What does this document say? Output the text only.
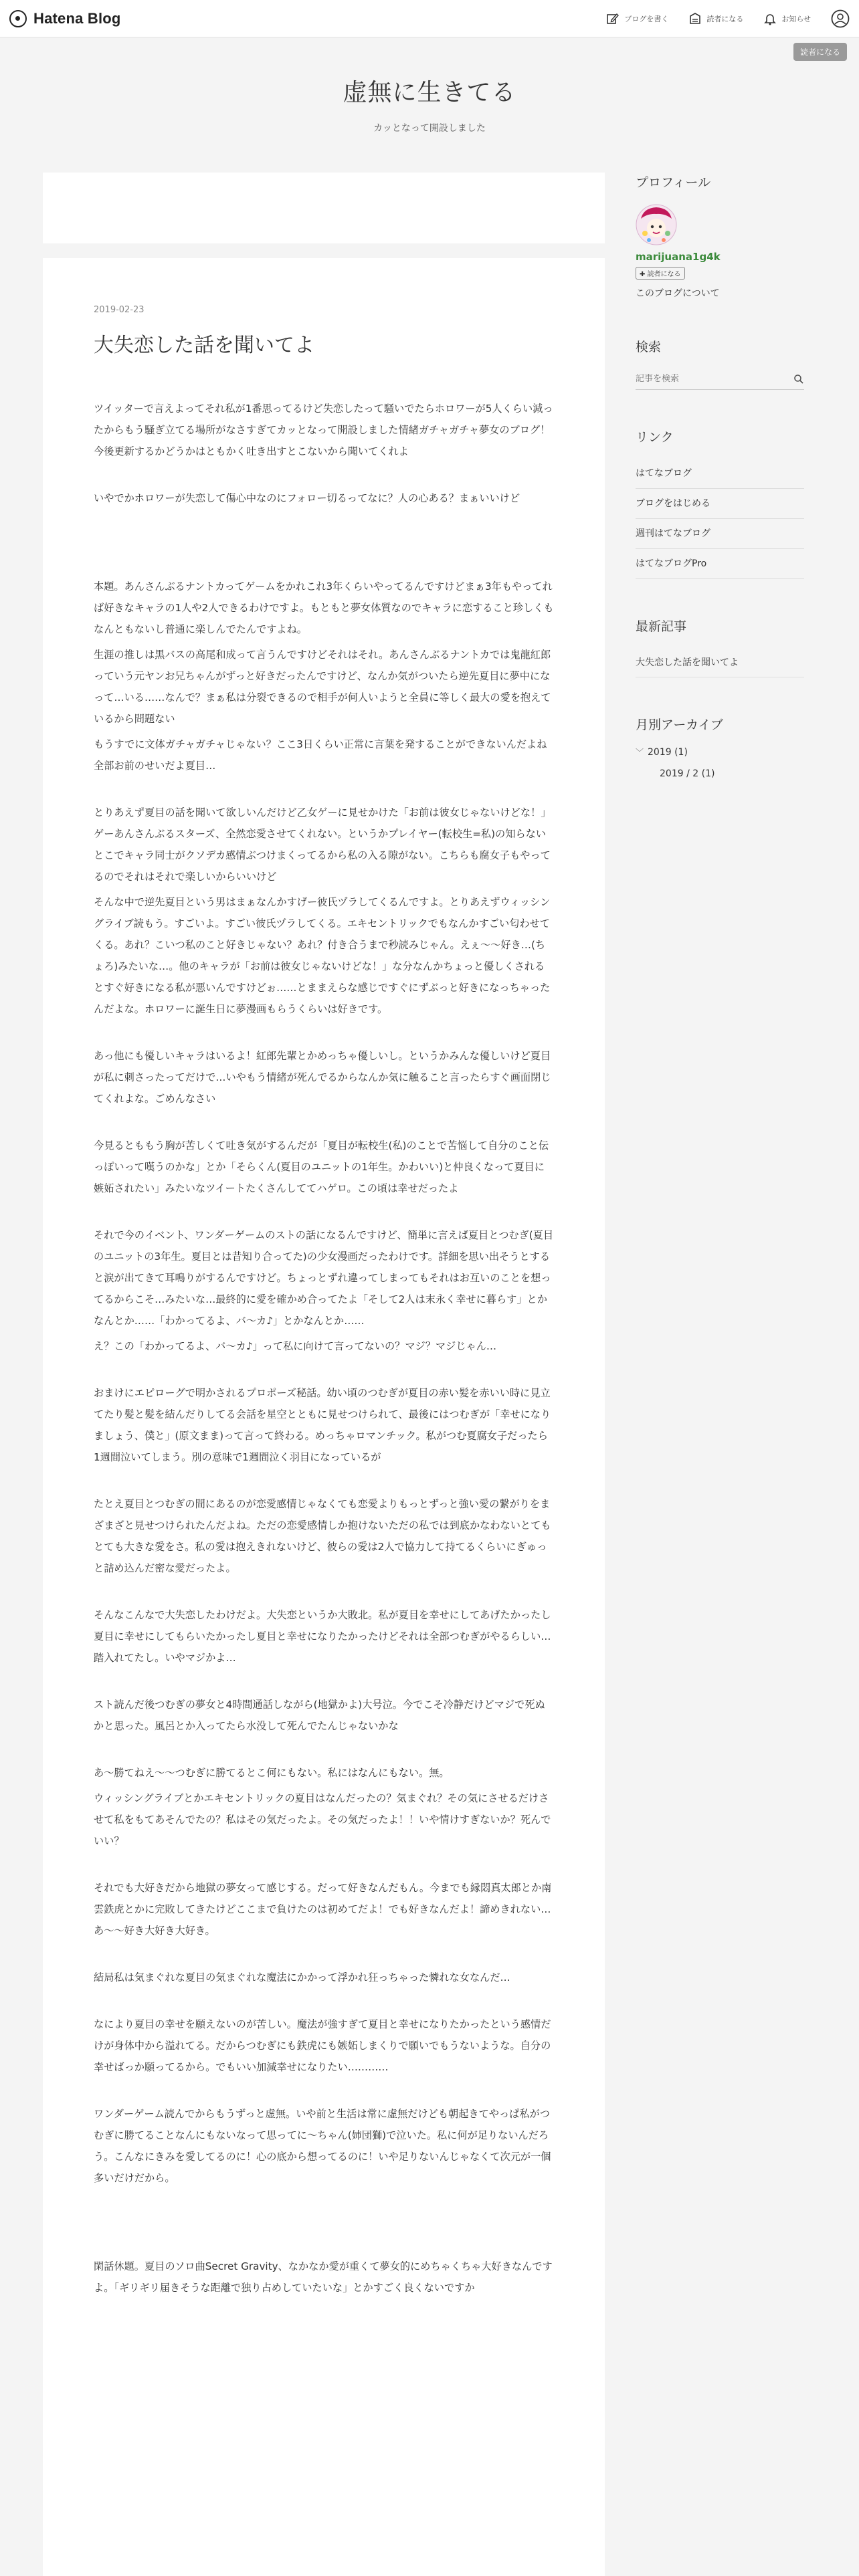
Hatena Blog	ブログを書く	読者になる	お知らせ
読者になる
虚無に生きてる
カッとなって開設しました
2019-02-23
大失恋した話を聞いてよ

ツイッターで言えよってそれ私が1番思ってるけど失恋したって騒いでたらホロワーが5人くらい減ったからもう騒ぎ立てる場所がなさすぎてカッとなって開設しました情緒ガチャガチャ夢女のブログ！今後更新するかどうかはともかく吐き出すとこないから聞いてくれよ

いやでかホロワーが失恋して傷心中なのにフォロー切るってなに？人の心ある？まぁいいけど

本題。あんさんぶるナントカってゲームをかれこれ3年くらいやってるんですけどまぁ3年もやってれば好きなキャラの1人や2人できるわけですよ。もともと夢女体質なのでキャラに恋すること珍しくもなんともないし普通に楽しんでたんですよね。

生涯の推しは黒バスの高尾和成って言うんですけどそれはそれ。あんさんぶるナントカでは鬼龍紅郎っていう元ヤンお兄ちゃんがずっと好きだったんですけど、なんか気がついたら逆先夏目に夢中になって…いる……なんで？まぁ私は分裂できるので相手が何人いようと全員に等しく最大の愛を抱えているから問題ない

もうすでに文体ガチャガチャじゃない？ここ3日くらい正常に言葉を発することができないんだよね全部お前のせいだよ夏目…

とりあえず夏目の話を聞いて欲しいんだけど乙女ゲーに見せかけた「お前は彼女じゃないけどな！」ゲーあんさんぶるスターズ、全然恋愛させてくれない。というかプレイヤー(転校生=私)の知らないとこでキャラ同士がクソデカ感情ぶつけまくってるから私の入る隙がない。こちらも腐女子もやってるのでそれはそれで楽しいからいいけど

そんな中で逆先夏目という男はまぁなんかすげー彼氏ヅラしてくるんですよ。とりあえずウィッシングライブ読もう。すごいよ。すごい彼氏ヅラしてくる。エキセントリックでもなんかすごい匂わせてくる。あれ？こいつ私のこと好きじゃない？あれ？付き合うまで秒読みじゃん。えぇ〜〜好き…(ちょろ)みたいな…。他のキャラが「お前は彼女じゃないけどな！」な分なんかちょっと優しくされるとすぐ好きになる私が悪いんですけどぉ……とままえらな感じですぐにずぶっと好きになっちゃったんだよな。ホロワーに誕生日に夢漫画もらうくらいは好きです。

あっ他にも優しいキャラはいるよ！紅郎先輩とかめっちゃ優しいし。というかみんな優しいけど夏目が私に刺さったってだけで…いやもう情緒が死んでるからなんか気に触ること言ったらすぐ画面閉じてくれよな。ごめんなさい

今見るとももう胸が苦しくて吐き気がするんだが「夏目が転校生(私)のことで苦悩して自分のこと伝っぽいって嘆うのかな」とか「そらくん(夏目のユニットの1年生。かわいい)と仲良くなって夏目に嫉妬されたい」みたいなツイートたくさんしててハゲロ。この頃は幸せだったよ

それで今のイベント、ワンダーゲームのストの話になるんですけど、簡単に言えば夏目とつむぎ(夏目のユニットの3年生。夏目とは昔知り合ってた)の少女漫画だったわけです。詳細を思い出そうとすると涙が出てきて耳鳴りがするんですけど。ちょっとずれ違ってしまってもそれはお互いのことを想ってるからこそ…みたいな…最終的に愛を確かめ合ってたよ「そして2人は末永く幸せに暮らす」とかなんとか……「わかってるよ、バ〜カ♪」とかなんとか……

え？この「わかってるよ、バ〜カ♪」って私に向けて言ってないの？マジ？マジじゃん…

おまけにエピローグで明かされるプロポーズ秘話。幼い頃のつむぎが夏目の赤い髪を赤いい時に見立てたり髪と髪を結んだりしてる会話を星空とともに見せつけられて、最後にはつむぎが「幸せになりましょう、僕と」(原文まま)って言って終わる。めっちゃロマンチック。私がつむ夏腐女子だったら1週間泣いてしまう。別の意味で1週間泣く羽目になっているが

たとえ夏目とつむぎの間にあるのが恋愛感情じゃなくても恋愛よりもっとずっと強い愛の繋がりをまざまざと見せつけられたんだよね。ただの恋愛感情しか抱けないただの私では到底かなわないとてもとても大きな愛をさ。私の愛は抱えきれないけど、彼らの愛は2人で協力して持てるくらいにぎゅっと詰め込んだ密な愛だったよ。

そんなこんなで大失恋したわけだよ。大失恋というか大敗北。私が夏目を幸せにしてあげたかったし夏目に幸せにしてもらいたかったし夏目と幸せになりたかったけどそれは全部つむぎがやるらしい…踏入れてたし。いやマジかよ…

スト読んだ後つむぎの夢女と4時間通話しながら(地獄かよ)大号泣。今でこそ冷静だけどマジで死ぬかと思った。風呂とか入ってたら水没して死んでたんじゃないかな

あ〜勝てねえ〜〜つむぎに勝てるとこ何にもない。私にはなんにもない。無。

ウィッシングライブとかエキセントリックの夏目はなんだったの？気まぐれ？その気にさせるだけさせて私をもてあそんでたの？私はその気だったよ。その気だったよ！！いや情けすぎないか？死んでいい？

それでも大好きだから地獄の夢女って感じする。だって好きなんだもん。今までも縁悶真太郎とか南雲鉄虎とかに完敗してきたけどここまで負けたのは初めてだよ！でも好きなんだよ！諦めきれない…あ〜〜好き大好き大好き。

結局私は気まぐれな夏目の気まぐれな魔法にかかって浮かれ狂っちゃった憐れな女なんだ…

なにより夏目の幸せを願えないのが苦しい。魔法が強すぎて夏目と幸せになりたかったという感情だけが身体中から溢れてる。だからつむぎにも鉄虎にも嫉妬しまくりで願いでもうないような。自分の幸せばっか願ってるから。でもいい加減幸せになりたい…………

ワンダーゲーム読んでからもうずっと虚無。いや前と生活は常に虚無だけども朝起きてやっぱ私がつむぎに勝てることなんにもないなって思ってに〜ちゃん(姉団獅)で泣いた。私に何が足りないんだろう。こんなにきみを愛してるのに！心の底から想ってるのに！いや足りないんじゃなくて次元が一個多いだけだから。

閑話休題。夏目のソロ曲Secret Gravity、なかなか愛が重くて夢女的にめちゃくちゃ大好きなんですよ。「ギリギリ届きそうな距離で独り占めしていたいな」とかすごく良くないですか

プロフィール
marijuana1g4k
✚ 読者になる
このブログについて
検索
記事を検索
リンク
はてなブログ
ブログをはじめる
週刊はてなブログ
はてなブログPro
最新記事
大失恋した話を聞いてよ
月別アーカイブ
﹀ 2019 (1)
2019 / 2 (1)
